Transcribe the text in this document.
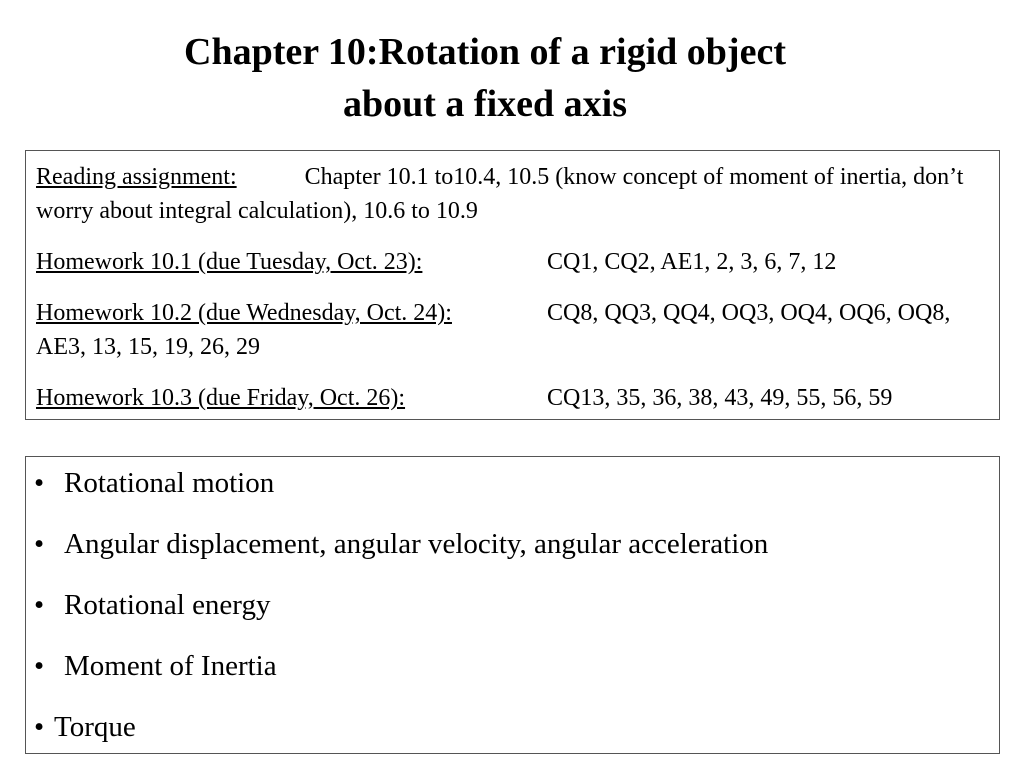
Chapter 10:Rotation of a rigid object
about a fixed axis

Reading assignment:	Chapter 10.1 to10.4, 10.5 (know concept of moment of inertia, don’t worry about integral calculation), 10.6 to 10.9

Homework 10.1 (due Tuesday, Oct. 23):	CQ1, CQ2, AE1, 2, 3, 6, 7, 12

Homework 10.2 (due Wednesday, Oct. 24):	CQ8, QQ3, QQ4, OQ3, OQ4, OQ6, OQ8, AE3, 13, 15, 19, 26, 29

Homework 10.3 (due Friday, Oct. 26):	CQ13, 35, 36, 38, 43, 49, 55, 56, 59

• Rotational motion
• Angular displacement, angular velocity, angular acceleration
• Rotational energy
• Moment of Inertia
• Torque
